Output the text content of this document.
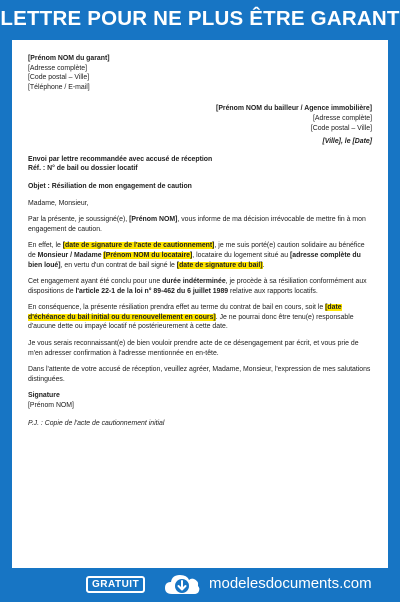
LETTRE POUR NE PLUS ÊTRE GARANT
[Prénom NOM du garant]
[Adresse complète]
[Code postal – Ville]
[Téléphone / E-mail]
[Prénom NOM du bailleur / Agence immobilière]
[Adresse complète]
[Code postal – Ville]
[Ville], le [Date]
Envoi par lettre recommandée avec accusé de réception
Réf. : N° de bail ou dossier locatif

Objet : Résiliation de mon engagement de caution

Madame, Monsieur,

Par la présente, je soussigné(e), [Prénom NOM], vous informe de ma décision irrévocable de mettre fin à mon engagement de caution.

En effet, le [date de signature de l'acte de cautionnement], je me suis porté(e) caution solidaire au bénéfice de Monsieur / Madame [Prénom NOM du locataire], locataire du logement situé au [adresse complète du bien loué], en vertu d'un contrat de bail signé le [date de signature du bail].

Cet engagement ayant été conclu pour une durée indéterminée, je procède à sa résiliation conformément aux dispositions de l'article 22-1 de la loi n° 89-462 du 6 juillet 1989 relative aux rapports locatifs.

En conséquence, la présente résiliation prendra effet au terme du contrat de bail en cours, soit le [date d'échéance du bail initial ou du renouvellement en cours]. Je ne pourrai donc être tenu(e) responsable d'aucune dette ou impayé locatif né postérieurement à cette date.

Je vous serais reconnaissant(e) de bien vouloir prendre acte de ce désengagement par écrit, et vous prie de m'en adresser confirmation à l'adresse mentionnée en en-tête.

Dans l'attente de votre accusé de réception, veuillez agréer, Madame, Monsieur, l'expression de mes salutations distinguées.

Signature
[Prénom NOM]

P.J. : Copie de l'acte de cautionnement initial

GRATUIT	modelesdocuments.com
